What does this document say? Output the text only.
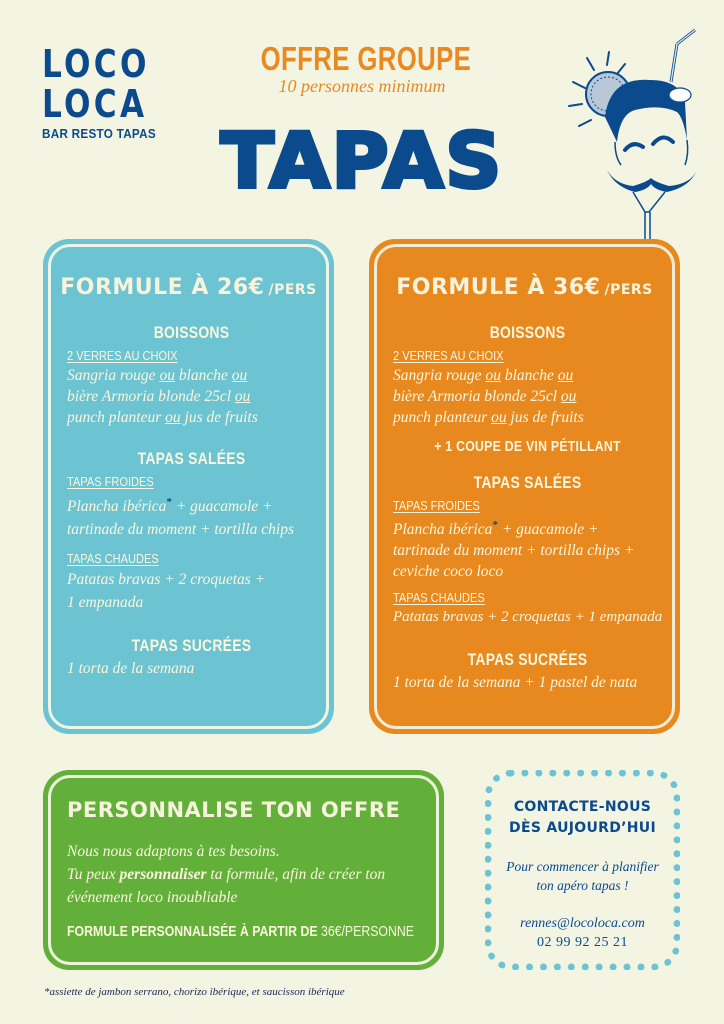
LOCO
LOCA
BAR RESTO TAPAS
OFFRE GROUPE
10 personnes minimum
TAPAS
FORMULE À 26€ /PERS
BOISSONS
2 VERRES AU CHOIX
Sangria rouge ou blanche ou
bière Armoria blonde 25cl ou
punch planteur ou jus de fruits
TAPAS SALÉES
TAPAS FROIDES
Plancha ibérica* + guacamole + tartinade du moment + tortilla chips
TAPAS CHAUDES
Patatas bravas + 2 croquetas + 1 empanada
TAPAS SUCRÉES
1 torta de la semana
FORMULE À 36€ /PERS
BOISSONS
2 VERRES AU CHOIX
Sangria rouge ou blanche ou
bière Armoria blonde 25cl ou
punch planteur ou jus de fruits
+ 1 COUPE DE VIN PÉTILLANT
TAPAS SALÉES
TAPAS FROIDES
Plancha ibérica* + guacamole + tartinade du moment + tortilla chips + ceviche coco loco
TAPAS CHAUDES
Patatas bravas + 2 croquetas + 1 empanada
TAPAS SUCRÉES
1 torta de la semana + 1 pastel de nata
PERSONNALISE TON OFFRE
Nous nous adaptons à tes besoins.
Tu peux personnaliser ta formule, afin de créer ton événement loco inoubliable
FORMULE PERSONNALISÉE À PARTIR DE 36€/PERSONNE
CONTACTE-NOUS
DÈS AUJOURD’HUI
Pour commencer à planifier
ton apéro tapas !
rennes@locoloca.com
02 99 92 25 21
*assiette de jambon serrano, chorizo ibérique, et saucisson ibérique
